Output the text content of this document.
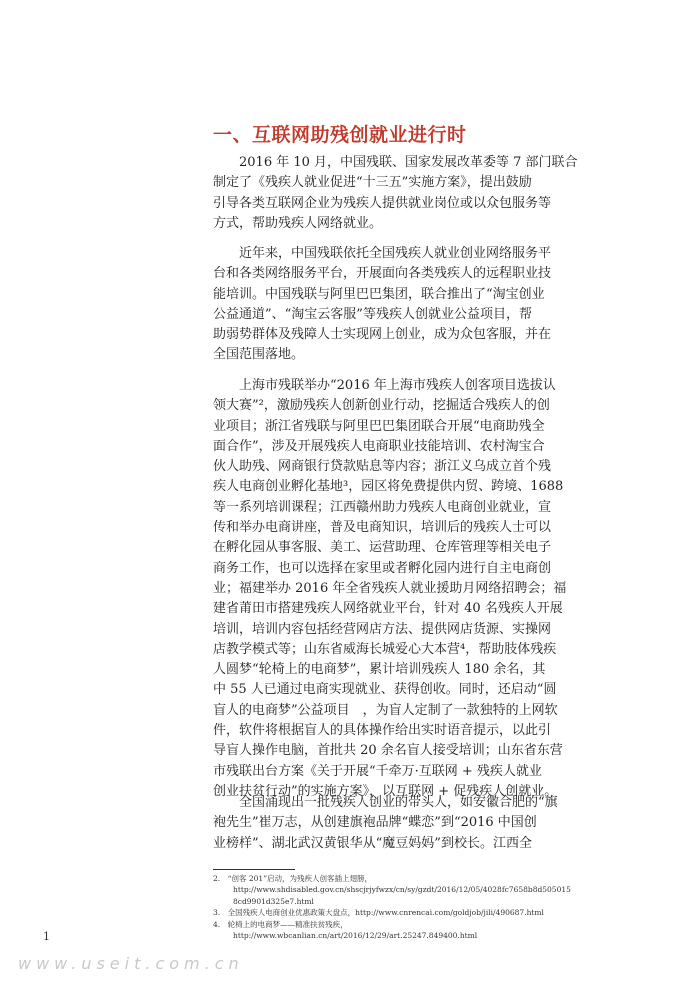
一、互联网助残创就业进行时

　　2016 年 10 月，中国残联、国家发展改革委等 7 部门联合

制定了《残疾人就业促进“十三五”实施方案》，提出鼓励

引导各类互联网企业为残疾人提供就业岗位或以众包服务等

方式，帮助残疾人网络就业。

　　近年来，中国残联依托全国残疾人就业创业网络服务平

台和各类网络服务平台，开展面向各类残疾人的远程职业技

能培训。中国残联与阿里巴巴集团，联合推出了“淘宝创业

公益通道”、“淘宝云客服”等残疾人创就业公益项目，帮

助弱势群体及残障人士实现网上创业，成为众包客服，并在

全国范围落地。

　　上海市残联举办“2016 年上海市残疾人创客项目选拔认

领大赛”²，激励残疾人创新创业行动，挖掘适合残疾人的创

业项目；浙江省残联与阿里巴巴集团联合开展“电商助残全

面合作”，涉及开展残疾人电商职业技能培训、农村淘宝合

伙人助残、网商银行贷款贴息等内容；浙江义乌成立首个残

疾人电商创业孵化基地³，园区将免费提供内贸、跨境、1688

等一系列培训课程；江西赣州助力残疾人电商创业就业，宣

传和举办电商讲座，普及电商知识，培训后的残疾人士可以

在孵化园从事客服、美工、运营助理、仓库管理等相关电子

商务工作，也可以选择在家里或者孵化园内进行自主电商创

业；福建举办 2016 年全省残疾人就业援助月网络招聘会；福

建省莆田市搭建残疾人网络就业平台，针对 40 名残疾人开展

培训，培训内容包括经营网店方法、提供网店货源、实操网

店教学模式等；山东省威海长城爱心大本营⁴，帮助肢体残疾

人圆梦“轮椅上的电商梦”，累计培训残疾人 180 余名，其

中 55 人已通过电商实现就业、获得创收。同时，还启动“圆

盲人的电商梦”公益项目　，为盲人定制了一款独特的上网软

件，软件将根据盲人的具体操作给出实时语音提示，以此引

导盲人操作电脑，首批共 20 余名盲人接受培训；山东省东营

市残联出台方案《关于开展“千牵万·互联网 + 残疾人就业

创业扶贫行动”的实施方案》，以互联网 + 促残疾人创就业。

　　全国涌现出一批残疾人创业的带头人，如安徽合肥的“旗

袍先生”崔万志，从创建旗袍品牌“蝶恋”到“2016 中国创

业榜样”、湖北武汉黄银华从“魔豆妈妈”到校长。江西全

2.　“创客 201”启动，为残疾人创客插上翅膀，
http://www.shdisabled.gov.cn/shscjrjyfwzx/cn/sy/gzdt/2016/12/05/4028fc7658b8d505015
8cd9901d325e7.html
3.　全国残疾人电商创业优惠政策大盘点，http://www.cnrencai.com/goldjob/jili/490687.html
4.　轮椅上的电商梦——精准扶贫残疾，
http://www.wbcanlian.cn/art/2016/12/29/art.25247.849400.html
1
www.useit.com.cn
